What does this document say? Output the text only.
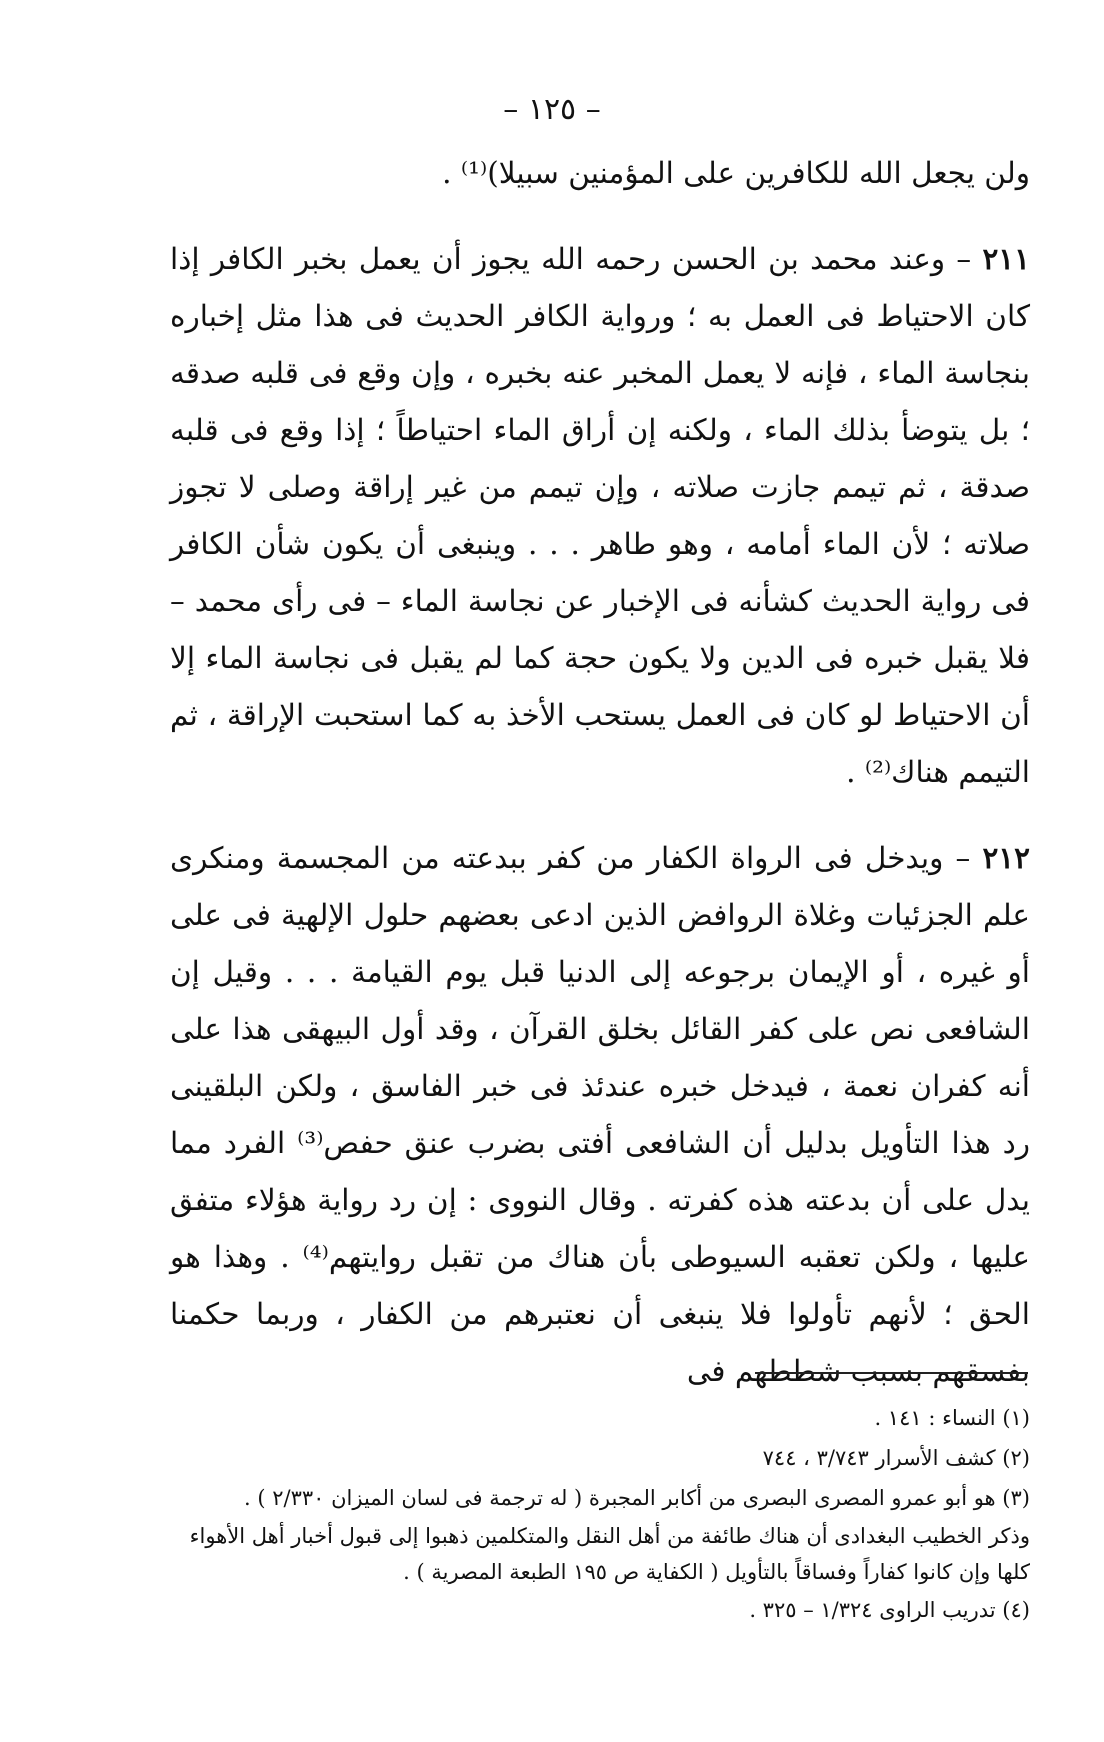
– ١٢٥ –

ولن يجعل الله للكافرين على المؤمنين سبيلا)⁽¹⁾ .

٢١١ – وعند محمد بن الحسن رحمه الله يجوز أن يعمل بخبر الكافر إذا كان الاحتياط فى العمل به ؛ ورواية الكافر الحديث فى هذا مثل إخباره بنجاسة الماء ، فإنه لا يعمل المخبر عنه بخبره ، وإن وقع فى قلبه صدقه ؛ بل يتوضأ بذلك الماء ، ولكنه إن أراق الماء احتياطاً ؛ إذا وقع فى قلبه صدقة ، ثم تيمم جازت صلاته ، وإن تيمم من غير إراقة وصلى لا تجوز صلاته ؛ لأن الماء أمامه ، وهو طاهر . . . وينبغى أن يكون شأن الكافر فى رواية الحديث كشأنه فى الإخبار عن نجاسة الماء – فى رأى محمد – فلا يقبل خبره فى الدين ولا يكون حجة كما لم يقبل فى نجاسة الماء إلا أن الاحتياط لو كان فى العمل يستحب الأخذ به كما استحبت الإراقة ، ثم التيمم هناك⁽²⁾ .

٢١٢ – ويدخل فى الرواة الكفار من كفر ببدعته من المجسمة ومنكرى علم الجزئيات وغلاة الروافض الذين ادعى بعضهم حلول الإلهية فى على أو غيره ، أو الإيمان برجوعه إلى الدنيا قبل يوم القيامة . . . وقيل إن الشافعى نص على كفر القائل بخلق القرآن ، وقد أول البيهقى هذا على أنه كفران نعمة ، فيدخل خبره عندئذ فى خبر الفاسق ، ولكن البلقينى رد هذا التأويل بدليل أن الشافعى أفتى بضرب عنق حفص⁽³⁾ الفرد مما يدل على أن بدعته هذه كفرته . وقال النووى : إن رد رواية هؤلاء متفق عليها ، ولكن تعقبه السيوطى بأن هناك من تقبل روايتهم⁽⁴⁾ . وهذا هو الحق ؛ لأنهم تأولوا فلا ينبغى أن نعتبرهم من الكفار ، وربما حكمنا بفسقهم بسبب شططهم فى

(١) النساء : ١٤١ .

(٢) كشف الأسرار ٣/٧٤٣ ، ٧٤٤

(٣) هو أبو عمرو المصرى البصرى من أكابر المجبرة ( له ترجمة فى لسان الميزان ٢/٣٣٠ ) .

وذكر الخطيب البغدادى أن هناك طائفة من أهل النقل والمتكلمين ذهبوا إلى قبول أخبار أهل الأهواء كلها وإن كانوا كفاراً وفساقاً بالتأويل ( الكفاية ص ١٩٥ الطبعة المصرية ) .

(٤) تدريب الراوى ١/٣٢٤ – ٣٢٥ .
